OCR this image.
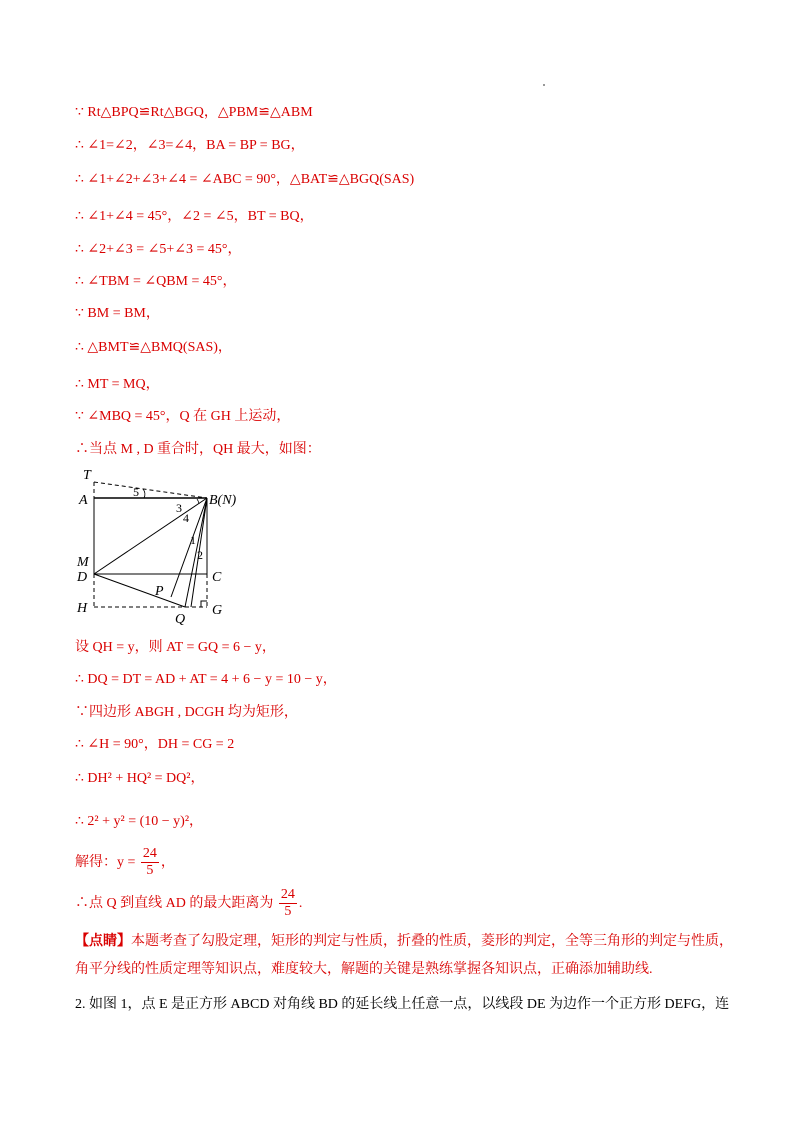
∵ Rt△BPQ≌Rt△BGQ，△PBM≌△ABM
∴ ∠1=∠2，∠3=∠4，BA = BP = BG，
∴ ∠1+∠2+∠3+∠4 = ∠ABC = 90°，△BAT≌△BGQ(SAS)
∴ ∠1+∠4 = 45°，∠2 = ∠5，BT = BQ，
∴ ∠2+∠3 = ∠5+∠3 = 45°，
∴ ∠TBM = ∠QBM = 45°，
∵ BM = BM，
∴ △BMT≌△BMQ(SAS)，
∴ MT = MQ，
∵ ∠MBQ = 45°，Q 在 GH 上运动，
∴当点 M , D 重合时，QH 最大，如图：
T
A	B(N)
M
D	C
H
P
Q
G
5
3
4
1
2
设 QH = y，则 AT = GQ = 6 − y，
∴ DQ = DT = AD + AT = 4 + 6 − y = 10 − y，
∵四边形 ABGH , DCGH 均为矩形，
∴ ∠H = 90°，DH = CG = 2
∴ DH² + HQ² = DQ²，
∴ 2² + y² = (10 − y)²，
解得：$y = \frac{24}{5}$ ，
∴点 Q 到直线 AD 的最大距离为 $\frac{24}{5}$ .
【点睛】本题考查了勾股定理，矩形的判定与性质，折叠的性质，菱形的判定，全等三角形的判定与性质，角平分线的性质定理等知识点，难度较大，解题的关键是熟练掌握各知识点，正确添加辅助线.
2. 如图 1，点 E 是正方形 ABCD 对角线 BD 的延长线上任意一点，以线段 DE 为边作一个正方形 DEFG，连
